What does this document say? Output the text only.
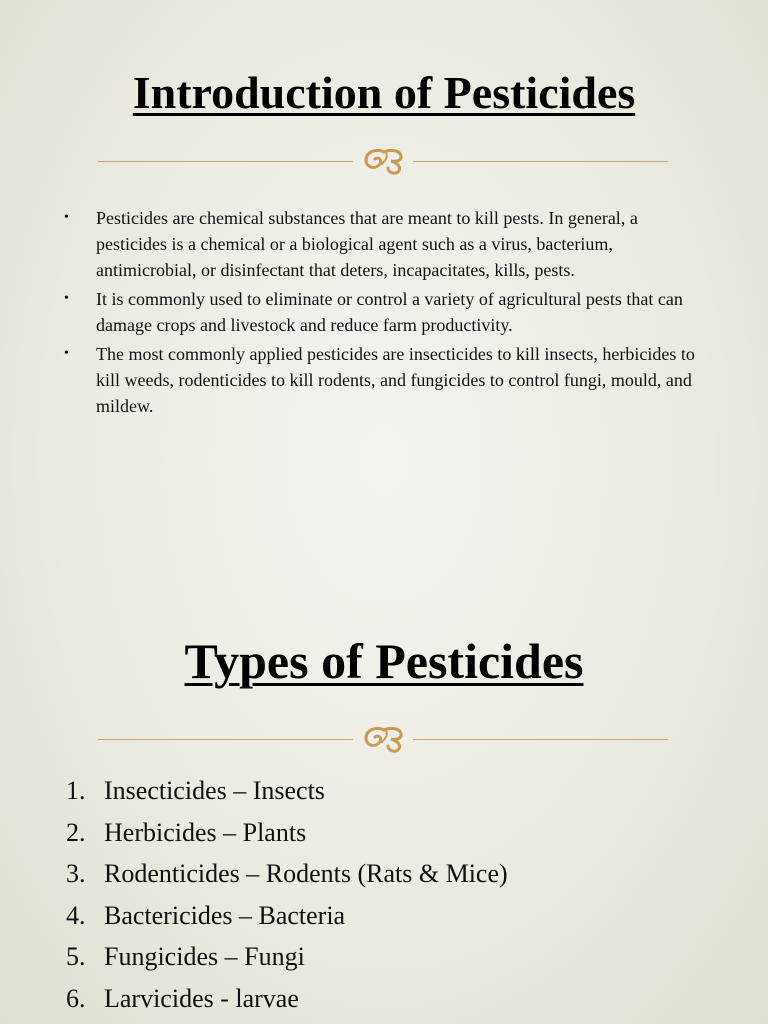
Introduction of Pesticides
• Pesticides are chemical substances that are meant to kill pests. In general, a pesticides is a chemical or a biological agent such as a virus, bacterium, antimicrobial, or disinfectant that deters, incapacitates, kills, pests.
• It is commonly used to eliminate or control a variety of agricultural pests that can damage crops and livestock and reduce farm productivity.
• The most commonly applied pesticides are insecticides to kill insects, herbicides to kill weeds, rodenticides to kill rodents, and fungicides to control fungi, mould, and mildew.
Types of Pesticides
1. Insecticides – Insects
2. Herbicides – Plants
3. Rodenticides – Rodents (Rats & Mice)
4. Bactericides – Bacteria
5. Fungicides – Fungi
6. Larvicides - larvae
